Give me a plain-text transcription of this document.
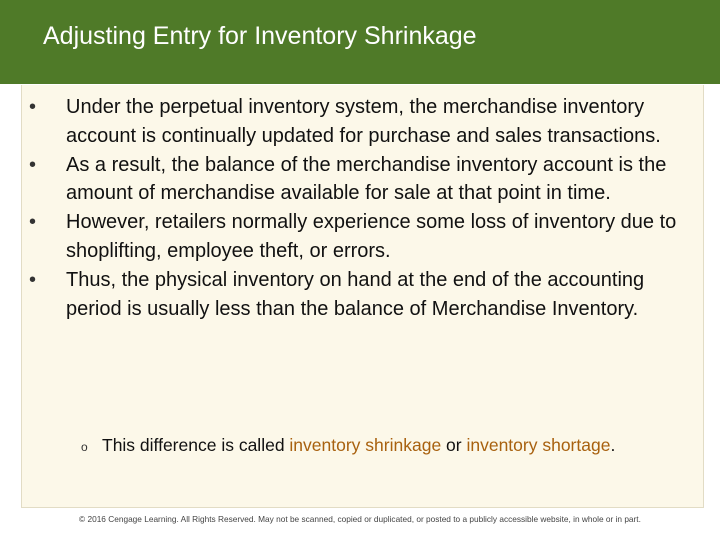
Adjusting Entry for Inventory Shrinkage
• Under the perpetual inventory system, the merchandise inventory account is continually updated for purchase and sales transactions.
• As a result, the balance of the merchandise inventory account is the amount of merchandise available for sale at that point in time.
• However, retailers normally experience some loss of inventory due to shoplifting, employee theft, or errors.
• Thus, the physical inventory on hand at the end of the accounting period is usually less than the balance of Merchandise Inventory.
o This difference is called inventory shrinkage or inventory shortage.
© 2016 Cengage Learning. All Rights Reserved. May not be scanned, copied or duplicated, or posted to a publicly accessible website, in whole or in part.
